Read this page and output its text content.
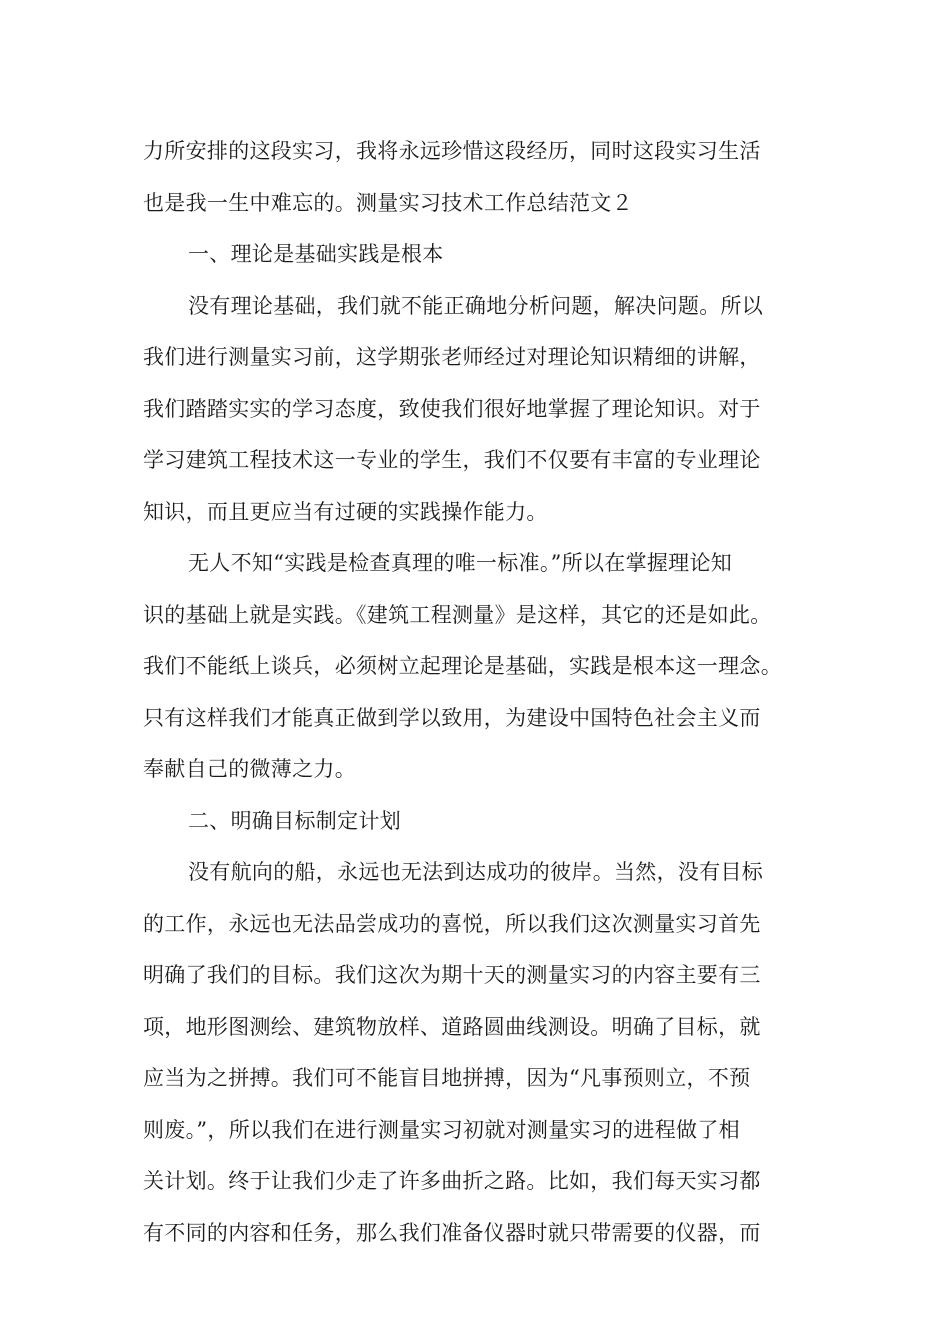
力所安排的这段实习，我将永远珍惜这段经历，同时这段实习生活
也是我一生中难忘的。测量实习技术工作总结范文２
一、理论是基础实践是根本
没有理论基础，我们就不能正确地分析问题，解决问题。所以
我们进行测量实习前，这学期张老师经过对理论知识精细的讲解，
我们踏踏实实的学习态度，致使我们很好地掌握了理论知识。对于
学习建筑工程技术这一专业的学生，我们不仅要有丰富的专业理论
知识，而且更应当有过硬的实践操作能力。
无人不知“实践是检查真理的唯一标准。”所以在掌握理论知
识的基础上就是实践。《建筑工程测量》是这样，其它的还是如此。
我们不能纸上谈兵，必须树立起理论是基础，实践是根本这一理念。
只有这样我们才能真正做到学以致用，为建设中国特色社会主义而
奉献自己的微薄之力。
二、明确目标制定计划
没有航向的船，永远也无法到达成功的彼岸。当然，没有目标
的工作，永远也无法品尝成功的喜悦，所以我们这次测量实习首先
明确了我们的目标。我们这次为期十天的测量实习的内容主要有三
项，地形图测绘、建筑物放样、道路圆曲线测设。明确了目标，就
应当为之拼搏。我们可不能盲目地拼搏，因为“凡事预则立，不预
则废。”，所以我们在进行测量实习初就对测量实习的进程做了相
关计划。终于让我们少走了许多曲折之路。比如，我们每天实习都
有不同的内容和任务，那么我们准备仪器时就只带需要的仪器，而
